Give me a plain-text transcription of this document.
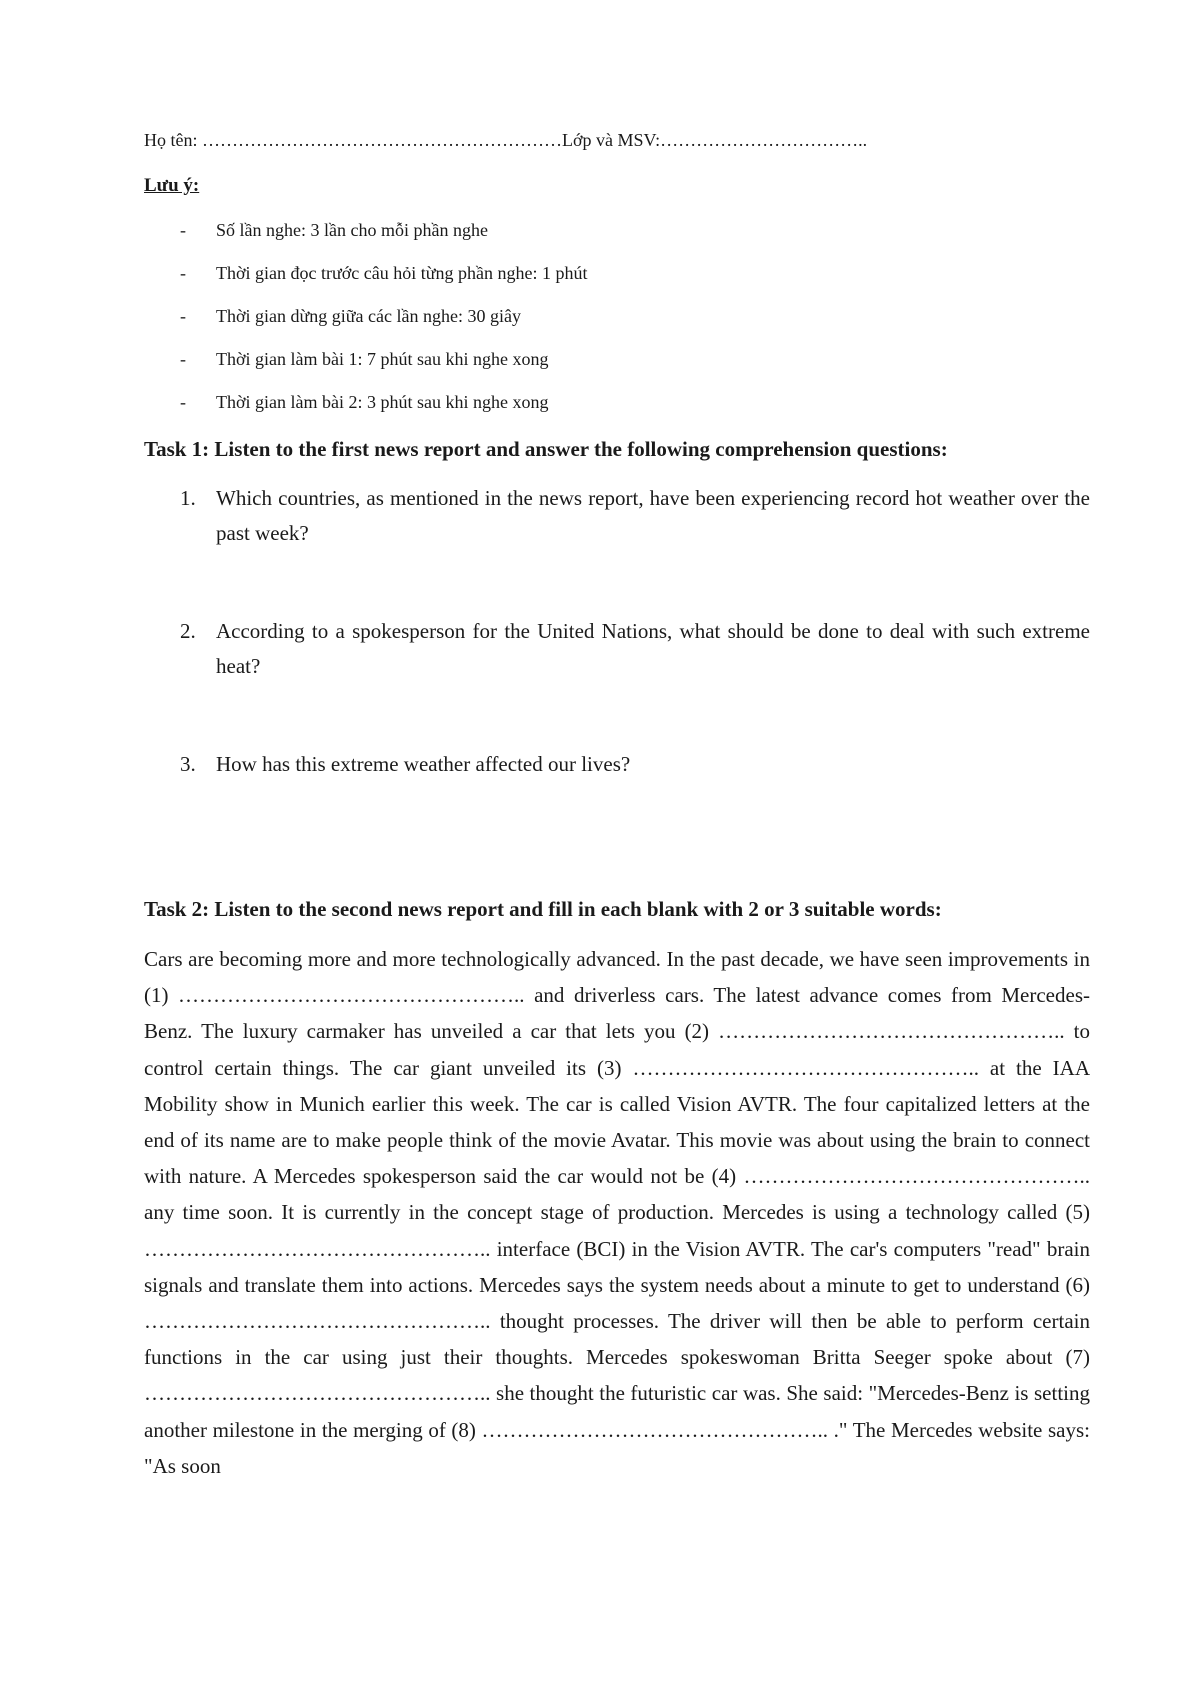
Họ tên: ……………………………………………………Lớp và MSV:……………………………..
Lưu ý:
- Số lần nghe: 3 lần cho mỗi phần nghe
- Thời gian đọc trước câu hỏi từng phần nghe: 1 phút
- Thời gian dừng giữa các lần nghe: 30 giây
- Thời gian làm bài 1: 7 phút sau khi nghe xong
- Thời gian làm bài 2: 3 phút sau khi nghe xong
Task 1: Listen to the first news report and answer the following comprehension questions:
1. Which countries, as mentioned in the news report, have been experiencing record hot weather over the past week?
2. According to a spokesperson for the United Nations, what should be done to deal with such extreme heat?
3. How has this extreme weather affected our lives?
Task 2: Listen to the second news report and fill in each blank with 2 or 3 suitable words:

Cars are becoming more and more technologically advanced. In the past decade, we have seen improvements in (1) ………………………………………….. and driverless cars. The latest advance comes from Mercedes-Benz. The luxury carmaker has unveiled a car that lets you (2) ………………………………………….. to control certain things. The car giant unveiled its (3) ………………………………………….. at the IAA Mobility show in Munich earlier this week. The car is called Vision AVTR. The four capitalized letters at the end of its name are to make people think of the movie Avatar. This movie was about using the brain to connect with nature. A Mercedes spokesperson said the car would not be (4) ………………………………………….. any time soon. It is currently in the concept stage of production. Mercedes is using a technology called (5) ………………………………………….. interface (BCI) in the Vision AVTR. The car's computers "read" brain signals and translate them into actions. Mercedes says the system needs about a minute to get to understand (6) ………………………………………….. thought processes. The driver will then be able to perform certain functions in the car using just their thoughts. Mercedes spokeswoman Britta Seeger spoke about (7) ………………………………………….. she thought the futuristic car was. She said: "Mercedes-Benz is setting another milestone in the merging of (8) ………………………………………….. ." The Mercedes website says: "As soon
